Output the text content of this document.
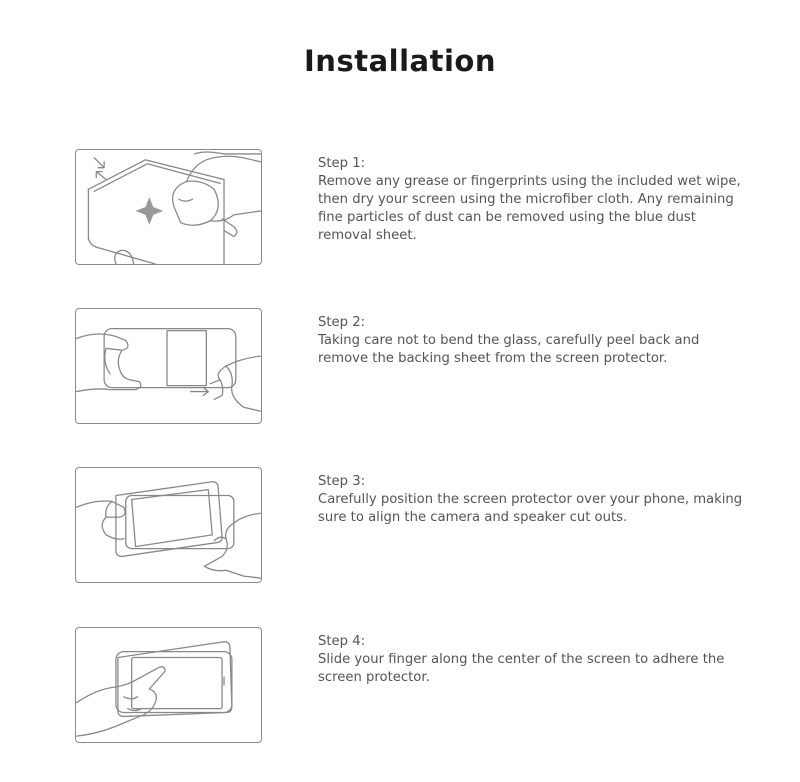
Installation
Step 1:
Remove any grease or fingerprints using the included wet wipe, then dry your screen using the microfiber cloth. Any remaining fine particles of dust can be removed using the blue dust removal sheet.
Step 2:
Taking care not to bend the glass, carefully peel back and remove the backing sheet from the screen protector.
Step 3:
Carefully position the screen protector over your phone, making sure to align the camera and speaker cut outs.
Step 4:
Slide your finger along the center of the screen to adhere the screen protector.
